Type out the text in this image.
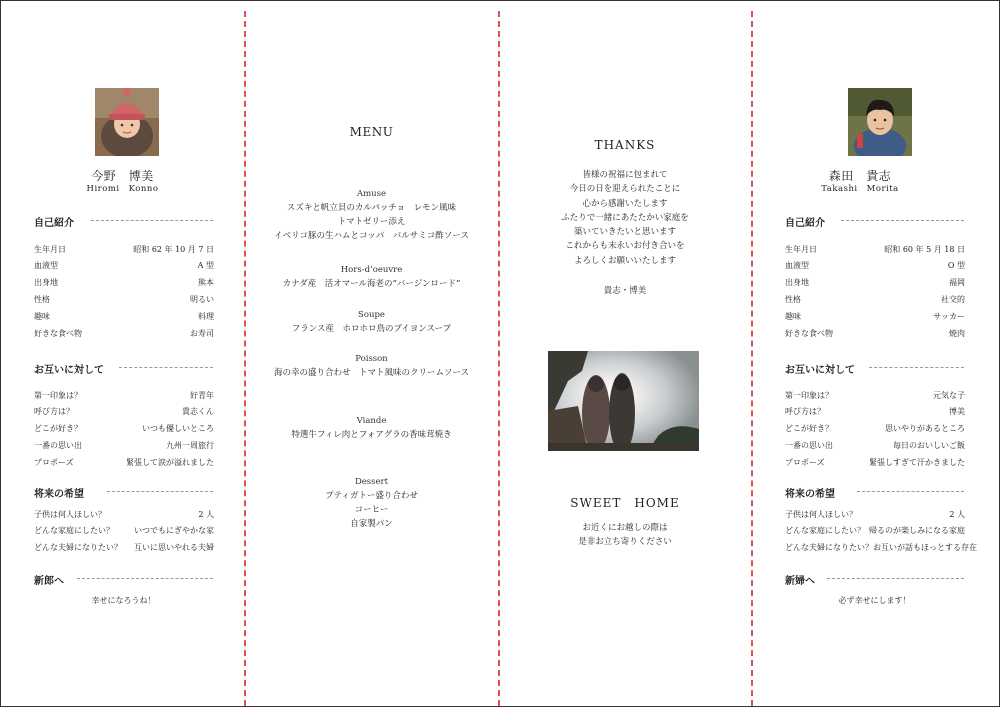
今野　博美
Hiromi　Konno
自己紹介
生年月日	昭和 62 年 10 月 7 日
血液型	A 型
出身地	熊本
性格	明るい
趣味	料理
好きな食べ物	お寿司
お互いに対して
第一印象は？	好青年
呼び方は？	貴志くん
どこが好き？	いつも優しいところ
一番の思い出	九州一周旅行
プロポーズ	緊張して涙が溢れました
将来の希望
子供は何人ほしい？	2 人
どんな家庭にしたい？	いつでもにぎやかな家
どんな夫婦になりたい？ 互いに思いやれる夫婦
新郎へ
幸せになろうね！
MENU
Amuse
スズキと帆立貝のカルパッチョ　レモン風味
トマトゼリー添え
イベリコ豚の生ハムとコッパ　バルサミコ酢ソース
Hors-d’oeuvre
カナダ産　活オマール海老の“バージンロード”
Soupe
フランス産　ホロホロ鳥のブイヨンスープ
Poisson
海の幸の盛り合わせ　トマト風味のクリームソース
Viande
特選牛フィレ肉とフォアグラの香味茸焼き
Dessert
プティガトー盛り合わせ
コーヒー
自家製パン
THANKS
皆様の祝福に包まれて
今日の日を迎えられたことに
心から感謝いたします
ふたりで一緒にあたたかい家庭を
築いていきたいと思います
これからも末永いお付き合いを
よろしくお願いいたします
貴志・博美
SWEET　HOME
お近くにお越しの際は
是非お立ち寄りください
森田　貴志
Takashi　Morita
自己紹介
生年月日	昭和 60 年 5 月 18 日
血液型	O 型
出身地	福岡
性格	社交的
趣味	サッカー
好きな食べ物	焼肉
お互いに対して
第一印象は？	元気な子
呼び方は？	博美
どこが好き？	思いやりがあるところ
一番の思い出	毎日のおいしいご飯
プロポーズ	緊張しすぎて汗かきました
将来の希望
子供は何人ほしい？	2 人
どんな家庭にしたい？ 帰るのが楽しみになる家庭
どんな夫婦になりたい？ お互いが話もほっとする存在
新婦へ
必ず幸せにします！
